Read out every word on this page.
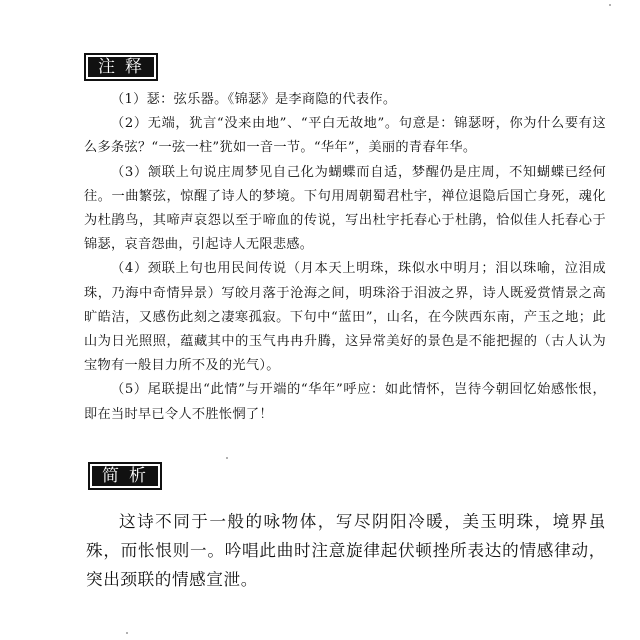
注释

（1）瑟：弦乐器。《锦瑟》是李商隐的代表作。

（2）无端，犹言“没来由地”、“平白无故地”。句意是：锦瑟呀，你为什么要有这么多条弦？“一弦一柱”犹如一音一节。“华年”，美丽的青春年华。

（3）颔联上句说庄周梦见自己化为蝴蝶而自适，梦醒仍是庄周，不知蝴蝶已经何往。一曲繁弦，惊醒了诗人的梦境。下句用周朝蜀君杜宇，禅位退隐后国亡身死，魂化为杜鹃鸟，其啼声哀怨以至于啼血的传说，写出杜宇托春心于杜鹃，恰似佳人托春心于锦瑟，哀音怨曲，引起诗人无限悲感。

（4）颈联上句也用民间传说（月本天上明珠，珠似水中明月；泪以珠喻，泣泪成珠，乃海中奇情异景）写皎月落于沧海之间，明珠浴于泪波之界，诗人既爱赏情景之高旷皓洁，又感伤此刻之凄寒孤寂。下句中“蓝田”，山名，在今陕西东南，产玉之地；此山为日光照照，蕴藏其中的玉气冉冉升腾，这异常美好的景色是不能把握的（古人认为宝物有一般目力所不及的光气）。

（5）尾联提出“此情”与开端的“华年”呼应：如此情怀，岂待今朝回忆始感怅恨，即在当时早已令人不胜怅惘了！

简析

这诗不同于一般的咏物体，写尽阴阳冷暖，美玉明珠，境界虽殊，而怅恨则一。吟唱此曲时注意旋律起伏顿挫所表达的情感律动，突出颈联的情感宣泄。
